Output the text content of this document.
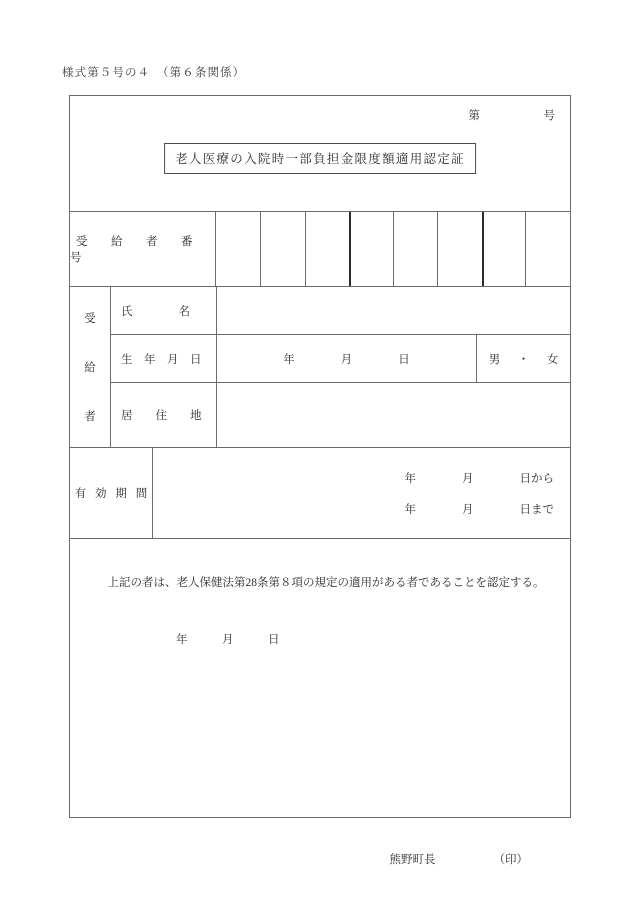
様式第５号の４　（第６条関係）
第　　　　　号
老人医療の入院時一部負担金限度額適用認定証
受　給　者　番　号
受
給
者
氏　　　　名
生　年　月　日	年　　　　月　　　　日	男　・　女
居　　住　　地
有 効 期 間
年　　　　月　　　　日から
年　　　　月　　　　日まで
上記の者は、老人保健法第28条第８項の規定の適用がある者であることを認定する。
年　　　月　　　日

熊野町長	（印）
